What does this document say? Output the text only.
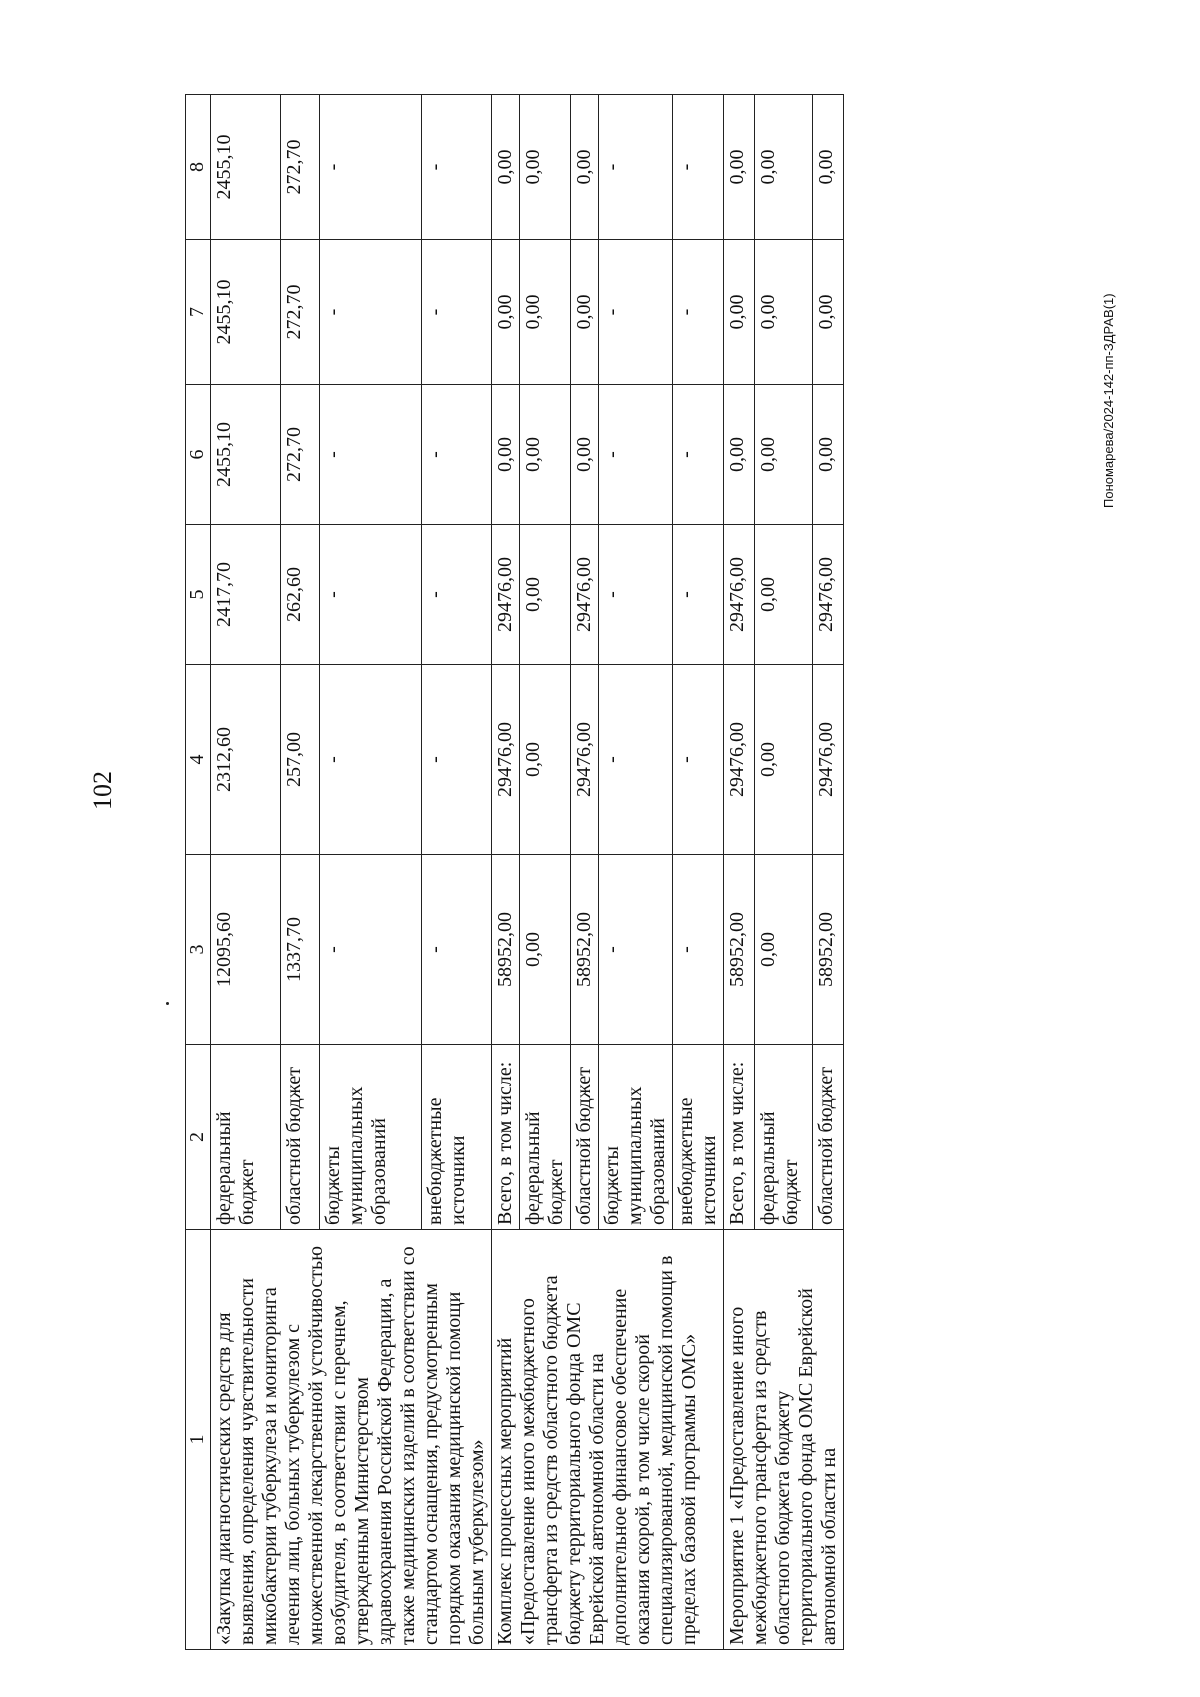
102
1	2	3	4	5	6	7	8
«Закупка диагностических средств для выявления, определения чувствительности микобактерии туберкулеза и мониторинга лечения лиц, больных туберкулезом с множественной лекарственной устойчивостью возбудителя, в соответствии с перечнем, утвержденным Министерством здравоохранения Российской Федерации, а также медицинских изделий в соответствии со стандартом оснащения, предусмотренным порядком оказания медицинской помощи больным туберкулезом»	федеральный бюджет	12095,60	2312,60	2417,70	2455,10	2455,10	2455,10
	областной бюджет	1337,70	257,00	262,60	272,70	272,70	272,70
	бюджеты муниципальных образований	-	-	-	-	-	-
	внебюджетные источники	-	-	-	-	-	-
Комплекс процессных мероприятий «Предоставление иного межбюджетного трансферта из средств областного бюджета бюджету территориального фонда ОМС Еврейской автономной области на дополнительное финансовое обеспечение оказания скорой, в том числе скорой специализированной, медицинской помощи в пределах базовой программы ОМС»	Всего, в том числе:	58952,00	29476,00	29476,00	0,00	0,00	0,00
	федеральный бюджет	0,00	0,00	0,00	0,00	0,00	0,00
	областной бюджет	58952,00	29476,00	29476,00	0,00	0,00	0,00
	бюджеты муниципальных образований	-	-	-	-	-	-
	внебюджетные источники	-	-	-	-	-	-
Мероприятие 1 «Предоставление иного межбюджетного трансферта из средств областного бюджета бюджету территориального фонда ОМС Еврейской автономной области на	Всего, в том числе:	58952,00	29476,00	29476,00	0,00	0,00	0,00
	федеральный бюджет	0,00	0,00	0,00	0,00	0,00	0,00
	областной бюджет	58952,00	29476,00	29476,00	0,00	0,00	0,00
Пономарева/2024-142-пп-ЗДРАВ(1)
